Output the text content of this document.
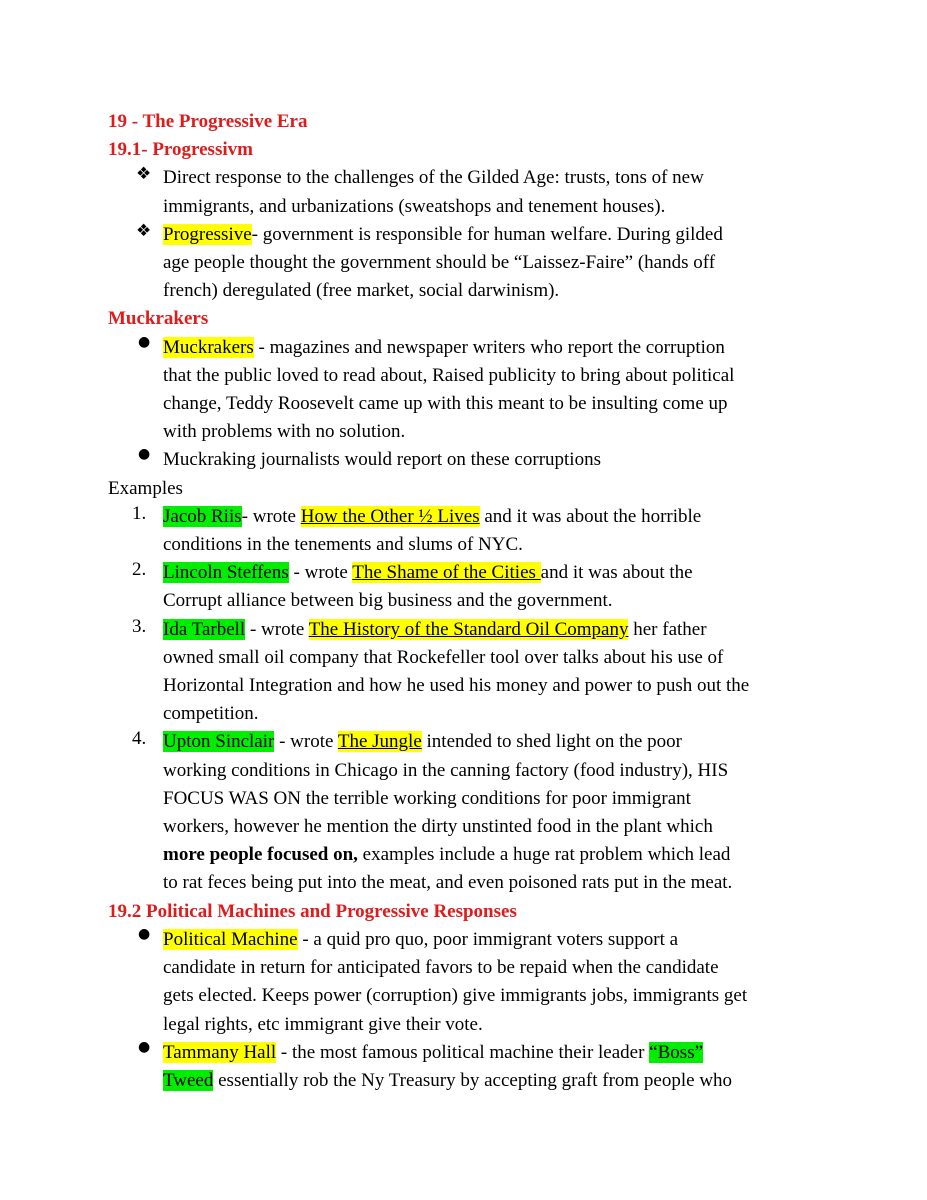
19 - The Progressive Era
19.1- Progressivm
❖ Direct response to the challenges of the Gilded Age: trusts, tons of new
immigrants, and urbanizations (sweatshops and tenement houses).
❖ Progressive- government is responsible for human welfare. During gilded
age people thought the government should be “Laissez-Faire” (hands off
french) deregulated (free market, social darwinism).
Muckrakers
● Muckrakers - magazines and newspaper writers who report the corruption
that the public loved to read about, Raised publicity to bring about political
change, Teddy Roosevelt came up with this meant to be insulting come up
with problems with no solution.
● Muckraking journalists would report on these corruptions
Examples
1. Jacob Riis- wrote How the Other ½ Lives and it was about the horrible
conditions in the tenements and slums of NYC.
2. Lincoln Steffens - wrote The Shame of the Cities and it was about the
Corrupt alliance between big business and the government.
3. Ida Tarbell - wrote The History of the Standard Oil Company her father
owned small oil company that Rockefeller tool over talks about his use of
Horizontal Integration and how he used his money and power to push out the
competition.
4. Upton Sinclair - wrote The Jungle intended to shed light on the poor
working conditions in Chicago in the canning factory (food industry), HIS
FOCUS WAS ON the terrible working conditions for poor immigrant
workers, however he mention the dirty unstinted food in the plant which
more people focused on, examples include a huge rat problem which lead
to rat feces being put into the meat, and even poisoned rats put in the meat.
19.2 Political Machines and Progressive Responses
● Political Machine - a quid pro quo, poor immigrant voters support a
candidate in return for anticipated favors to be repaid when the candidate
gets elected. Keeps power (corruption) give immigrants jobs, immigrants get
legal rights, etc immigrant give their vote.
● Tammany Hall - the most famous political machine their leader “Boss”
Tweed essentially rob the Ny Treasury by accepting graft from people who
